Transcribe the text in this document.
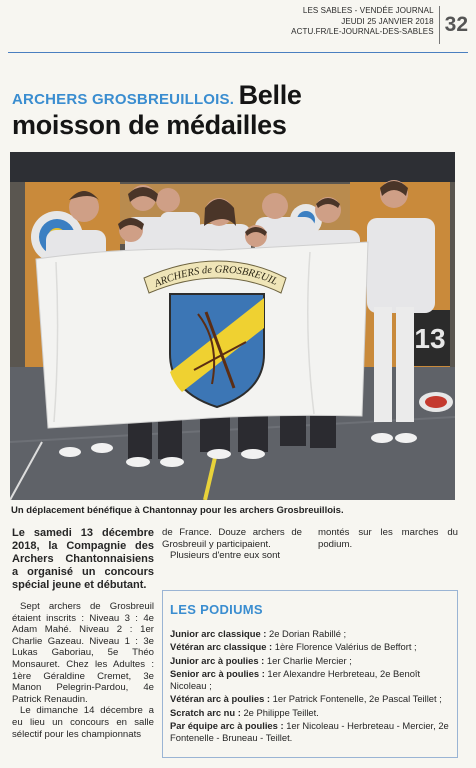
LES SABLES - VENDÉE JOURNAL
JEUDI 25 JANVIER 2018
ACTU.FR/LE-JOURNAL-DES-SABLES 32
ARCHERS GROSBREUILLOIS. Belle
moisson de médailles
13
ARCHERS de GROSBREUIL
Un déplacement bénéfique à Chantonnay pour les archers Grosbreuillois.
Le samedi 13 décembre 2018, la Compagnie des Archers Chantonnaisiens a organisé un concours spécial jeune et débutant.

Sept archers de Grosbreuil étaient inscrits : Niveau 3 : 4e Adam Mahé. Niveau 2 : 1er Charlie Gazeau. Niveau 1 : 3e Lukas Gaboriau, 5e Théo Monsauret. Chez les Adultes : 1ère Géraldine Cremet, 3e Manon Pelegrin-Pardou, 4e Patrick Renaudin.

Le dimanche 14 décembre a eu lieu un concours en salle sélectif pour les championnats

de France. Douze archers de Grosbreuil y participaient.

Plusieurs d'entre eux sont

montés sur les marches du podium.

LES PODIUMS
Junior arc classique : 2e Dorian Rabillé ;
Vétéran arc classique : 1ère Florence Valérius de Beffort ;
Junior arc à poulies : 1er Charlie Mercier ;
Senior arc à poulies : 1er Alexandre Herbreteau, 2e Benoît Nicoleau ;
Vétéran arc à poulies : 1er Patrick Fontenelle, 2e Pascal Teillet ;
Scratch arc nu : 2e Philippe Teillet.
Par équipe arc à poulies : 1er Nicoleau - Herbreteau - Mercier, 2e Fontenelle - Bruneau - Teillet.
